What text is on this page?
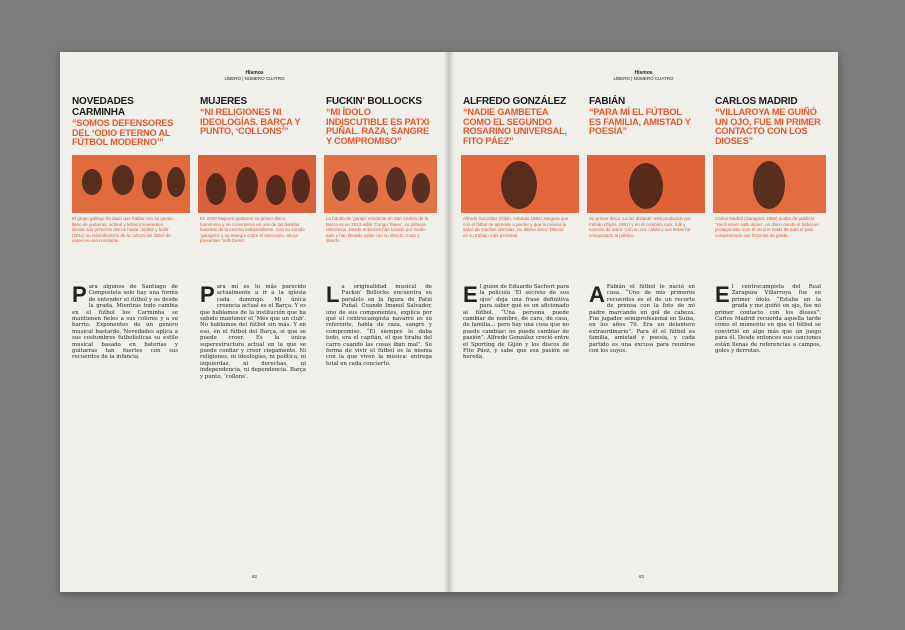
Hismos
LÍBERO | NÚMERO CUATRO
NOVEDADES CARMINHA
“SOMOS DEFENSORES DEL ‘ODIO ETERNO AL FÚTBOL MODERNO’”
El grupo gallego ha dado que hablar con su garaje lleno de guitarras, actitud y letras irreverentes. Desde sus primeros discos hasta ‘Jódete y baila’ (2011) su reivindicación de la cultura del fútbol de antes es una constante.

Para algunos de Santiago de Compostela solo hay una forma de entender el fútbol y es desde la grada. Mientras todo cambia en el fútbol los Carminha se mantienen fieles a sus colores y a su barrio. Exponentes de un género musical bastardo, Novedades aplica a sus costumbres futbolísticas su estilo musical basado en baterías y guitarras tan fuertes con sus recuerdos de la infancia.

MUJERES
“NI RELIGIONES NI IDEOLOGÍAS. BARÇA Y PUNTO, ‘COLLONS’”
En 2009 Mujeres grabaron su primer disco homónimo y se convirtieron en una de las bandas favoritas de la escena independiente. Con su sonido ‘garagero’ y su energía sobre el escenario, ahora presentan ‘Soft Gems’.

Para mí es lo más parecido actualmente a ir a la iglesia cada domingo. Mi única creencia actual es el Barça. Y es que hablamos de la institución que ha sabido mantener el ‘Més que un club’. No hablamos del fútbol sin más. Y en eso, en el fútbol del Barça, si que se puede creer. Es la única superestructura actual en la que se puede confiar y creer ciegamente. Ni religiones, ni ideologías, ni política, ni izquierdas, ni derechas, ni independencia, ni dependencia. Barça y punto, ‘collons’.

FUCKIN' BOLLOCKS
“MI ÍDOLO INDISCUTIBLE ES PATXI PUÑAL. RAZA, SANGRE Y COMPROMISO”
La banda de ‘garaje’ residente en San Andrés de la Barca es en 2013 editó ‘Congo Tapes’, su primera referencia. Desde entonces han tocado por medio país y han llenado salas con su directo crudo y directo.

La originalidad musical de Fuckin' Bollocks encuentra su paralelo en la figura de Patxi Puñal. Cuando Imanol Salvador, uno de sus componentes, explica por qué el centrocampista navarro es su referente, habla de raza, sangre y compromiso. “Él siempre lo daba todo, era el capitán, el que tiraba del carro cuando las cosas iban mal”. Su forma de vivir el fútbol es la misma con la que viven la música: entrega total en cada concierto.

62
Hismos
LÍBERO | NÚMERO CUATRO
ALFREDO GONZÁLEZ
“NADIE GAMBETEA COMO EL SEGUNDO ROSARINO UNIVERSAL, FITO PÁEZ”
Alfredo González (Gijón, Asturias 1982) asegura que con el fútbol se aprende a perder y que la música le salvó de muchas derrotas. Su último disco ‘Diluvio’ es su trabajo más personal.

El guion de Eduardo Sacheri para la película ‘El secreto de sus ojos’ deja una frase definitiva para saber qué es un aficionado al fútbol. “Una persona puede cambiar de nombre, de cara, de casa, de familia... pero hay una cosa que no puede cambiar: no puede cambiar de pasión”. Alfredo González creció entre el Sporting de Gijón y los discos de Fito Páez, y sabe que esa pasión se hereda.

FABIÁN
“PARA MÍ EL FÚTBOL ES FAMILIA, AMISTAD Y POESÍA”
Su primer disco ‘La luz distante’ está producido por Fabián (Gijón, 1981) y en él combina rock, folk y canción de autor. Con su voz cálida y sus letras ha conquistado al público.

A Fabián el fútbol le nació en casa. “Uno de mis primeros recuerdos es el de un recorte de prensa con la foto de mi padre marcando un gol de cabeza. Fue jugador semiprofesional en Suiza, en los años 70. Era un delantero extraordinario”. Para él el fútbol es familia, amistad y poesía, y cada partido es una excusa para reunirse con los suyos.

CARLOS MADRID
“VILLAROYA ME GUIÑÓ UN OJO, FUE MI PRIMER CONTACTO CON LOS DIOSES”
Carlos Madrid (Zaragoza 1985) acaba de publicar ‘You’ll never walk alone’, un disco donde el fútbol es protagonista. Con él recorre salas de todo el país compartiendo sus historias de grada.

El centrocampista del Real Zaragoza Villarroya fue su primer ídolo. “Estaba en la grada y me guiñó un ojo, fue mi primer contacto con los dioses”. Carlos Madrid recuerda aquella tarde como el momento en que el fútbol se convirtió en algo más que un juego para él. Desde entonces sus canciones están llenas de referencias a campos, goles y derrotas.

63
